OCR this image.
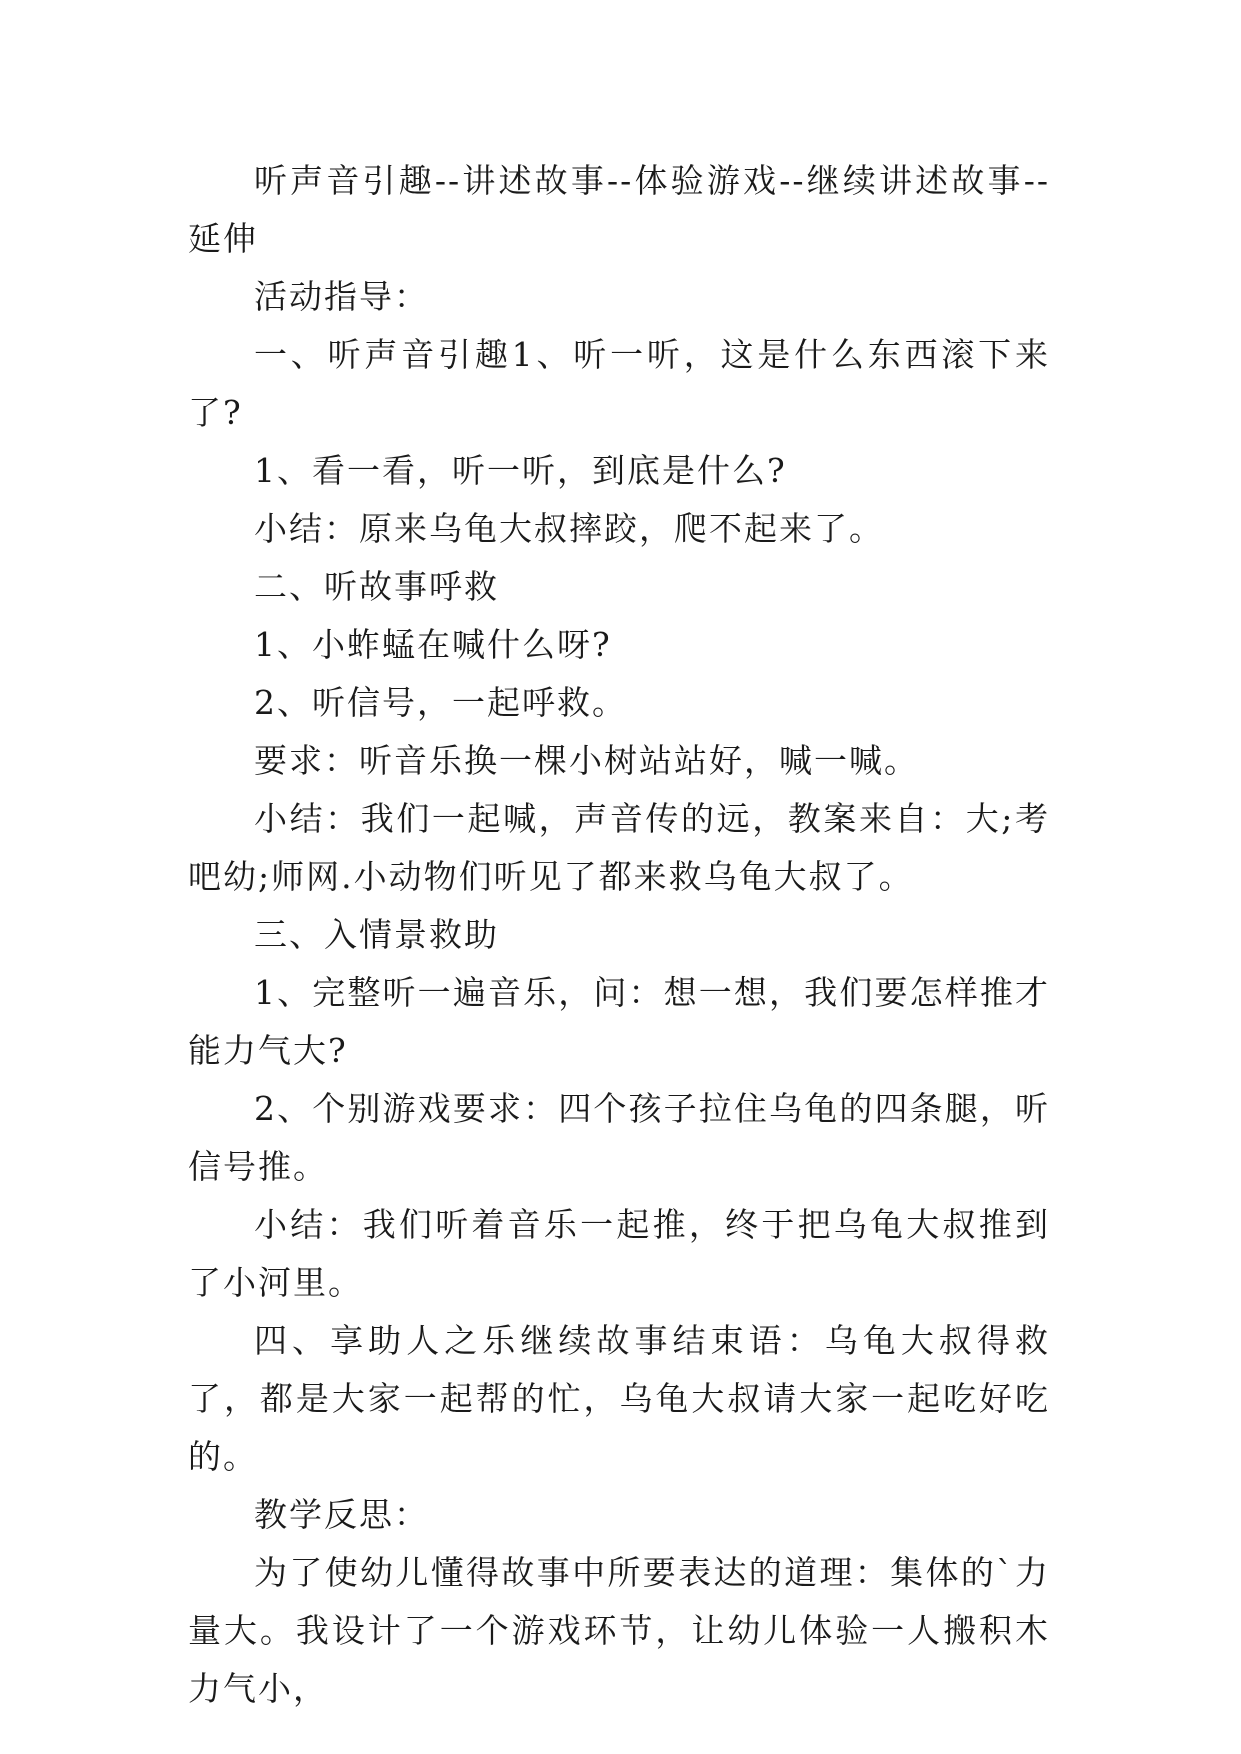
听声音引趣--讲述故事--体验游戏--继续讲述故事--延伸

活动指导：

一、听声音引趣1、听一听，这是什么东西滚下来了?

1、看一看，听一听，到底是什么?

小结：原来乌龟大叔摔跤，爬不起来了。

二、听故事呼救

1、小蚱蜢在喊什么呀?

2、听信号，一起呼救。

要求：听音乐换一棵小树站站好，喊一喊。

小结：我们一起喊，声音传的远，教案来自：大;考吧幼;师网.小动物们听见了都来救乌龟大叔了。

三、入情景救助

1、完整听一遍音乐，问：想一想，我们要怎样推才能力气大?

2、个别游戏要求：四个孩子拉住乌龟的四条腿，听信号推。

小结：我们听着音乐一起推，终于把乌龟大叔推到了小河里。

四、享助人之乐继续故事结束语：乌龟大叔得救了，都是大家一起帮的忙，乌龟大叔请大家一起吃好吃的。

教学反思：

为了使幼儿懂得故事中所要表达的道理：集体的`力量大。我设计了一个游戏环节，让幼儿体验一人搬积木力气小，
